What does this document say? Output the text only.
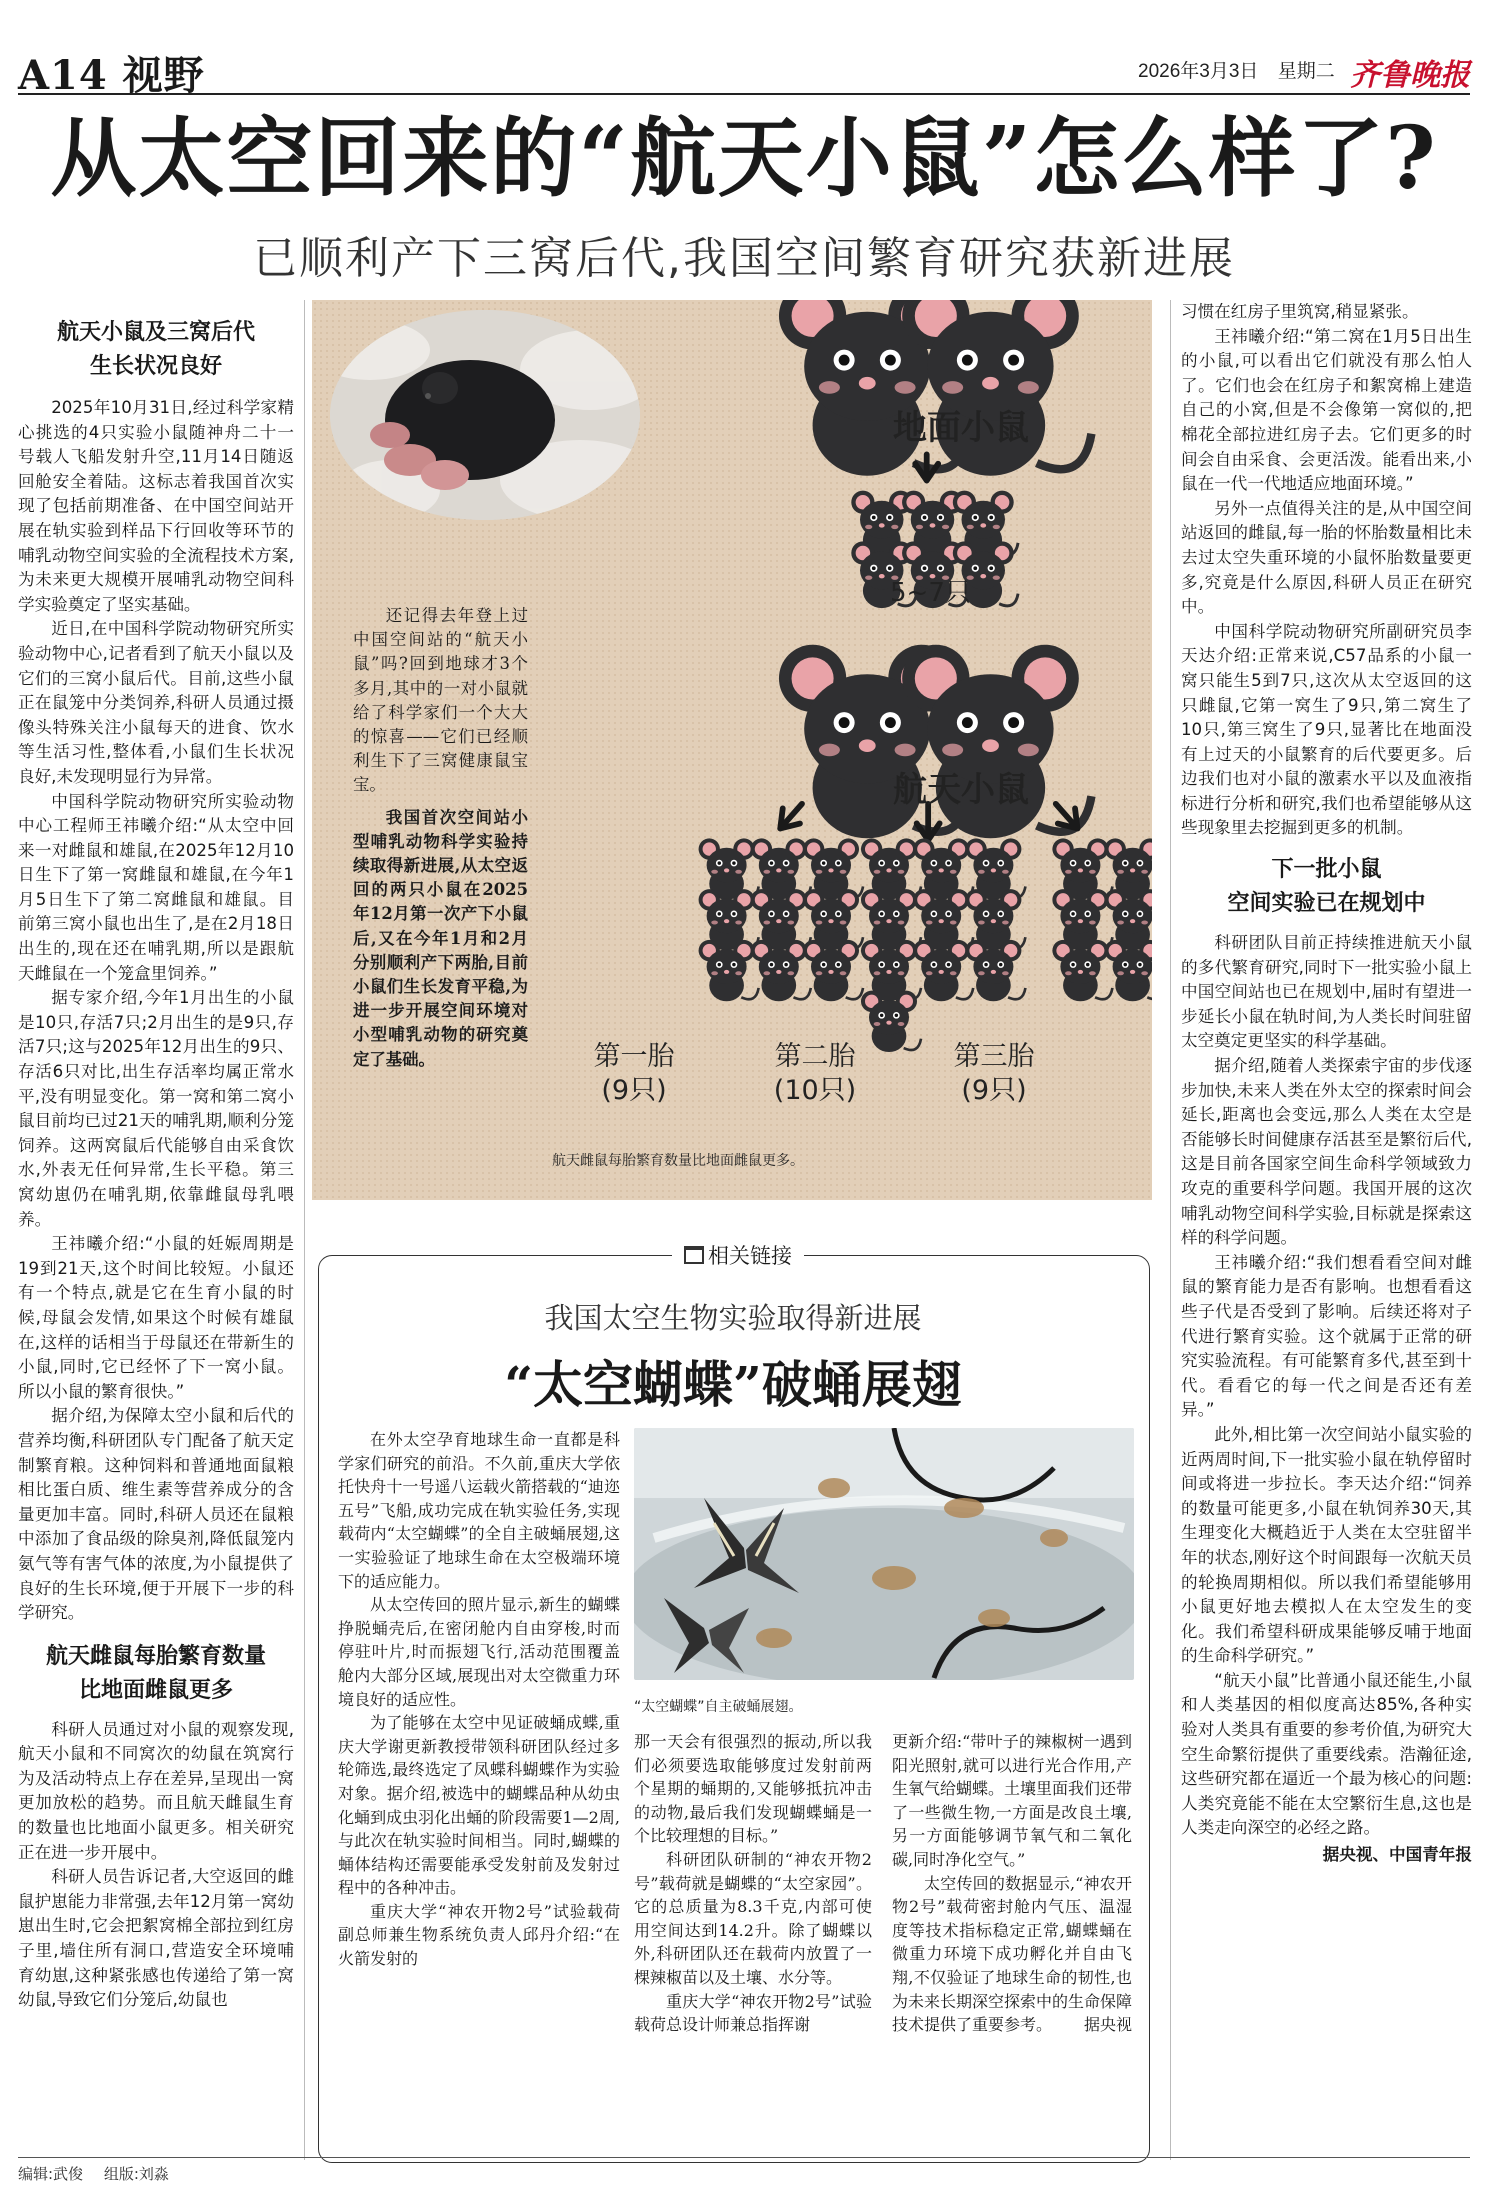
A14 视野	2026年3月3日 星期二 齐鲁晚报
从太空回来的“航天小鼠”怎么样了?
已顺利产下三窝后代,我国空间繁育研究获新进展
航天小鼠及三窝后代
生长状况良好

2025年10月31日,经过科学家精心挑选的4只实验小鼠随神舟二十一号载人飞船发射升空,11月14日随返回舱安全着陆。这标志着我国首次实现了包括前期准备、在中国空间站开展在轨实验到样品下行回收等环节的哺乳动物空间实验的全流程技术方案,为未来更大规模开展哺乳动物空间科学实验奠定了坚实基础。

近日,在中国科学院动物研究所实验动物中心,记者看到了航天小鼠以及它们的三窝小鼠后代。目前,这些小鼠正在鼠笼中分类饲养,科研人员通过摄像头特殊关注小鼠每天的进食、饮水等生活习性,整体看,小鼠们生长状况良好,未发现明显行为异常。

中国科学院动物研究所实验动物中心工程师王祎曦介绍:“从太空中回来一对雌鼠和雄鼠,在2025年12月10日生下了第一窝雌鼠和雄鼠,在今年1月5日生下了第二窝雌鼠和雄鼠。目前第三窝小鼠也出生了,是在2月18日出生的,现在还在哺乳期,所以是跟航天雌鼠在一个笼盒里饲养。”

据专家介绍,今年1月出生的小鼠是10只,存活7只;2月出生的是9只,存活7只;这与2025年12月出生的9只、存活6只对比,出生存活率均属正常水平,没有明显变化。第一窝和第二窝小鼠目前均已过21天的哺乳期,顺利分笼饲养。这两窝鼠后代能够自由采食饮水,外表无任何异常,生长平稳。第三窝幼崽仍在哺乳期,依靠雌鼠母乳喂养。

王祎曦介绍:“小鼠的妊娠周期是19到21天,这个时间比较短。小鼠还有一个特点,就是它在生育小鼠的时候,母鼠会发情,如果这个时候有雄鼠在,这样的话相当于母鼠还在带新生的小鼠,同时,它已经怀了下一窝小鼠。所以小鼠的繁育很快。”

据介绍,为保障太空小鼠和后代的营养均衡,科研团队专门配备了航天定制繁育粮。这种饲料和普通地面鼠粮相比蛋白质、维生素等营养成分的含量更加丰富。同时,科研人员还在鼠粮中添加了食品级的除臭剂,降低鼠笼内氨气等有害气体的浓度,为小鼠提供了良好的生长环境,便于开展下一步的科学研究。

航天雌鼠每胎繁育数量
比地面雌鼠更多

科研人员通过对小鼠的观察发现,航天小鼠和不同窝次的幼鼠在筑窝行为及活动特点上存在差异,呈现出一窝更加放松的趋势。而且航天雌鼠生育的数量也比地面小鼠更多。相关研究正在进一步开展中。

科研人员告诉记者,大空返回的雌鼠护崽能力非常强,去年12月第一窝幼崽出生时,它会把絮窝棉全部拉到红房子里,墙住所有洞口,营造安全环境哺育幼崽,这种紧张感也传递给了第一窝幼鼠,导致它们分笼后,幼鼠也

还记得去年登上过中国空间站的“航天小鼠”吗?回到地球才3个多月,其中的一对小鼠就给了科学家们一个大大的惊喜——它们已经顺利生下了三窝健康鼠宝宝。

我国首次空间站小型哺乳动物科学实验持续取得新进展,从太空返回的两只小鼠在2025年12月第一次产下小鼠后,又在今年1月和2月分别顺利产下两胎,目前小鼠们生长发育平稳,为进一步开展空间环境对小型哺乳动物的研究奠定了基础。

地面小鼠
5~7只
航天小鼠
第一胎
(9只)
第二胎
(10只)
第三胎
(9只)
航天雌鼠每胎繁育数量比地面雌鼠更多。

习惯在红房子里筑窝,稍显紧张。

王祎曦介绍:“第二窝在1月5日出生的小鼠,可以看出它们就没有那么怕人了。它们也会在红房子和絮窝棉上建造自己的小窝,但是不会像第一窝似的,把棉花全部拉进红房子去。它们更多的时间会自由采食、会更活泼。能看出来,小鼠在一代一代地适应地面环境。”

另外一点值得关注的是,从中国空间站返回的雌鼠,每一胎的怀胎数量相比未去过太空失重环境的小鼠怀胎数量要更多,究竟是什么原因,科研人员正在研究中。

中国科学院动物研究所副研究员李天达介绍:正常来说,C57品系的小鼠一窝只能生5到7只,这次从太空返回的这只雌鼠,它第一窝生了9只,第二窝生了10只,第三窝生了9只,显著比在地面没有上过天的小鼠繁育的后代要更多。后边我们也对小鼠的激素水平以及血液指标进行分析和研究,我们也希望能够从这些现象里去挖掘到更多的机制。

下一批小鼠
空间实验已在规划中

科研团队目前正持续推进航天小鼠的多代繁育研究,同时下一批实验小鼠上中国空间站也已在规划中,届时有望进一步延长小鼠在轨时间,为人类长时间驻留太空奠定更坚实的科学基础。

据介绍,随着人类探索宇宙的步伐逐步加快,未来人类在外太空的探索时间会延长,距离也会变远,那么人类在太空是否能够长时间健康存活甚至是繁衍后代,这是目前各国家空间生命科学领域致力攻克的重要科学问题。我国开展的这次哺乳动物空间科学实验,目标就是探索这样的科学问题。

王祎曦介绍:“我们想看看空间对雌鼠的繁育能力是否有影响。也想看看这些子代是否受到了影响。后续还将对子代进行繁育实验。这个就属于正常的研究实验流程。有可能繁育多代,甚至到十代。看看它的每一代之间是否还有差异。”

此外,相比第一次空间站小鼠实验的近两周时间,下一批实验小鼠在轨停留时间或将进一步拉长。李天达介绍:“饲养的数量可能更多,小鼠在轨饲养30天,其生理变化大概趋近于人类在太空驻留半年的状态,刚好这个时间跟每一次航天员的轮换周期相似。所以我们希望能够用小鼠更好地去模拟人在太空发生的变化。我们希望科研成果能够反哺于地面的生命科学研究。”

“航天小鼠”比普通小鼠还能生,小鼠和人类基因的相似度高达85%,各种实验对人类具有重要的参考价值,为研究大空生命繁衍提供了重要线索。浩瀚征途,这些研究都在逼近一个最为核心的问题:人类究竟能不能在太空繁衍生息,这也是人类走向深空的必经之路。

据央视、中国青年报
相关链接
我国太空生物实验取得新进展
“太空蝴蝶”破蛹展翅
“太空蝴蝶”自主破蛹展翅。

在外太空孕育地球生命一直都是科学家们研究的前沿。不久前,重庆大学依托快舟十一号遥八运载火箭搭载的“迪迩五号”飞船,成功完成在轨实验任务,实现载荷内“太空蝴蝶”的全自主破蛹展翅,这一实验验证了地球生命在太空极端环境下的适应能力。

从太空传回的照片显示,新生的蝴蝶挣脱蛹壳后,在密闭舱内自由穿梭,时而停驻叶片,时而振翅飞行,活动范围覆盖舱内大部分区域,展现出对太空微重力环境良好的适应性。

为了能够在太空中见证破蛹成蝶,重庆大学谢更新教授带领科研团队经过多轮筛选,最终选定了凤蝶科蝴蝶作为实验对象。据介绍,被选中的蝴蝶品种从幼虫化蛹到成虫羽化出蛹的阶段需要1—2周,与此次在轨实验时间相当。同时,蝴蝶的蛹体结构还需要能承受发射前及发射过程中的各种冲击。

重庆大学“神农开物2号”试验载荷副总师兼生物系统负责人邱丹介绍:“在火箭发射的

那一天会有很强烈的振动,所以我们必须要选取能够度过发射前两个星期的蛹期的,又能够抵抗冲击的动物,最后我们发现蝴蝶蛹是一个比较理想的目标。”

科研团队研制的“神农开物2号”载荷就是蝴蝶的“太空家园”。它的总质量为8.3千克,内部可使用空间达到14.2升。除了蝴蝶以外,科研团队还在载荷内放置了一棵辣椒苗以及土壤、水分等。

重庆大学“神农开物2号”试验载荷总设计师兼总指挥谢

更新介绍:“带叶子的辣椒树一遇到阳光照射,就可以进行光合作用,产生氧气给蝴蝶。土壤里面我们还带了一些微生物,一方面是改良土壤,另一方面能够调节氧气和二氧化碳,同时净化空气。”

太空传回的数据显示,“神农开物2号”载荷密封舱内气压、温湿度等技术指标稳定正常,蝴蝶蛹在微重力环境下成功孵化并自由飞翔,不仅验证了地球生命的韧性,也为未来长期深空探索中的生命保障技术提供了重要参考。	据央视
编辑:武俊 组版:刘淼
